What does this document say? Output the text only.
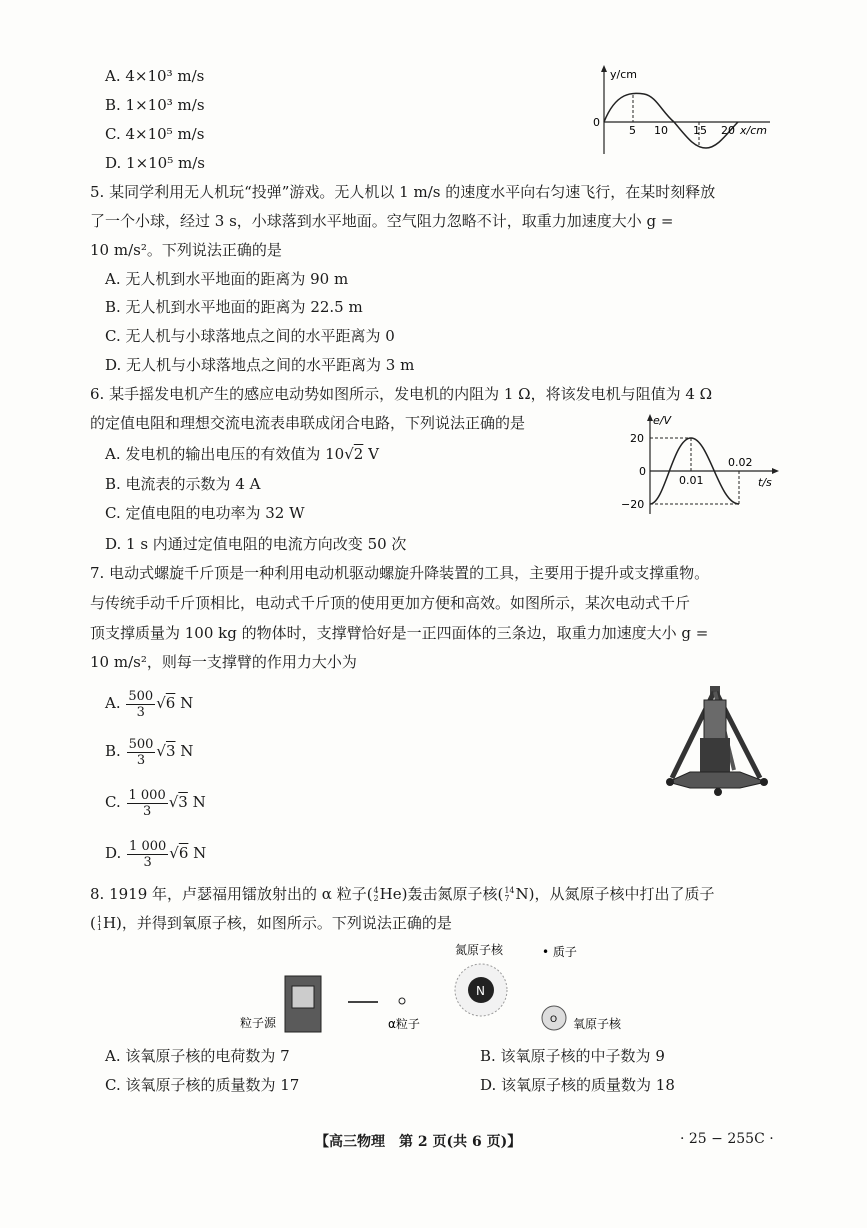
A. 4×10³ m/s
B. 1×10³ m/s
C. 4×10⁵ m/s
D. 1×10⁵ m/s
y/cm
0
5 10 15 20 x/cm
5. 某同学利用无人机玩“投弹”游戏。无人机以 1 m/s 的速度水平向右匀速飞行，在某时刻释放
了一个小球，经过 3 s，小球落到水平地面。空气阻力忽略不计，取重力加速度大小 g =
10 m/s²。下列说法正确的是
A. 无人机到水平地面的距离为 90 m
B. 无人机到水平地面的距离为 22.5 m
C. 无人机与小球落地点之间的水平距离为 0
D. 无人机与小球落地点之间的水平距离为 3 m
6. 某手摇发电机产生的感应电动势如图所示，发电机的内阻为 1 Ω，将该发电机与阻值为 4 Ω
的定值电阻和理想交流电流表串联成闭合电路，下列说法正确的是
A. 发电机的输出电压的有效值为 10√2 V
B. 电流表的示数为 4 A
C. 定值电阻的电功率为 32 W
D. 1 s 内通过定值电阻的电流方向改变 50 次
e/V
20
0
−20
0.01
0.02
t/s
7. 电动式螺旋千斤顶是一种利用电动机驱动螺旋升降装置的工具，主要用于提升或支撑重物。
与传统手动千斤顶相比，电动式千斤顶的使用更加方便和高效。如图所示，某次电动式千斤
顶支撑质量为 100 kg 的物体时，支撑臂恰好是一正四面体的三条边，取重力加速度大小 g =
10 m/s²，则每一支撑臂的作用力大小为
A. $\frac{500}{3} √6$ N
B. $\frac{500}{3} √3$ N
C. $\frac{1 000}{3} √3$ N
D. $\frac{1 000}{3} √6$ N
8. 1919 年，卢瑟福用镭放射出的 α 粒子( 4
2 He)轰击氮原子核( 14
7 N)，从氮原子核中打出了质子
( 1
1 H)，并得到氧原子核，如图所示。下列说法正确的是
N
O
粒子源	α粒子
氮原子核	• 质子
氧原子核
A. 该氧原子核的电荷数为 7	B. 该氧原子核的中子数为 9
C. 该氧原子核的质量数为 17	D. 该氧原子核的质量数为 18
【高三物理　第 2 页(共 6 页)】	· 25 − 255C ·
